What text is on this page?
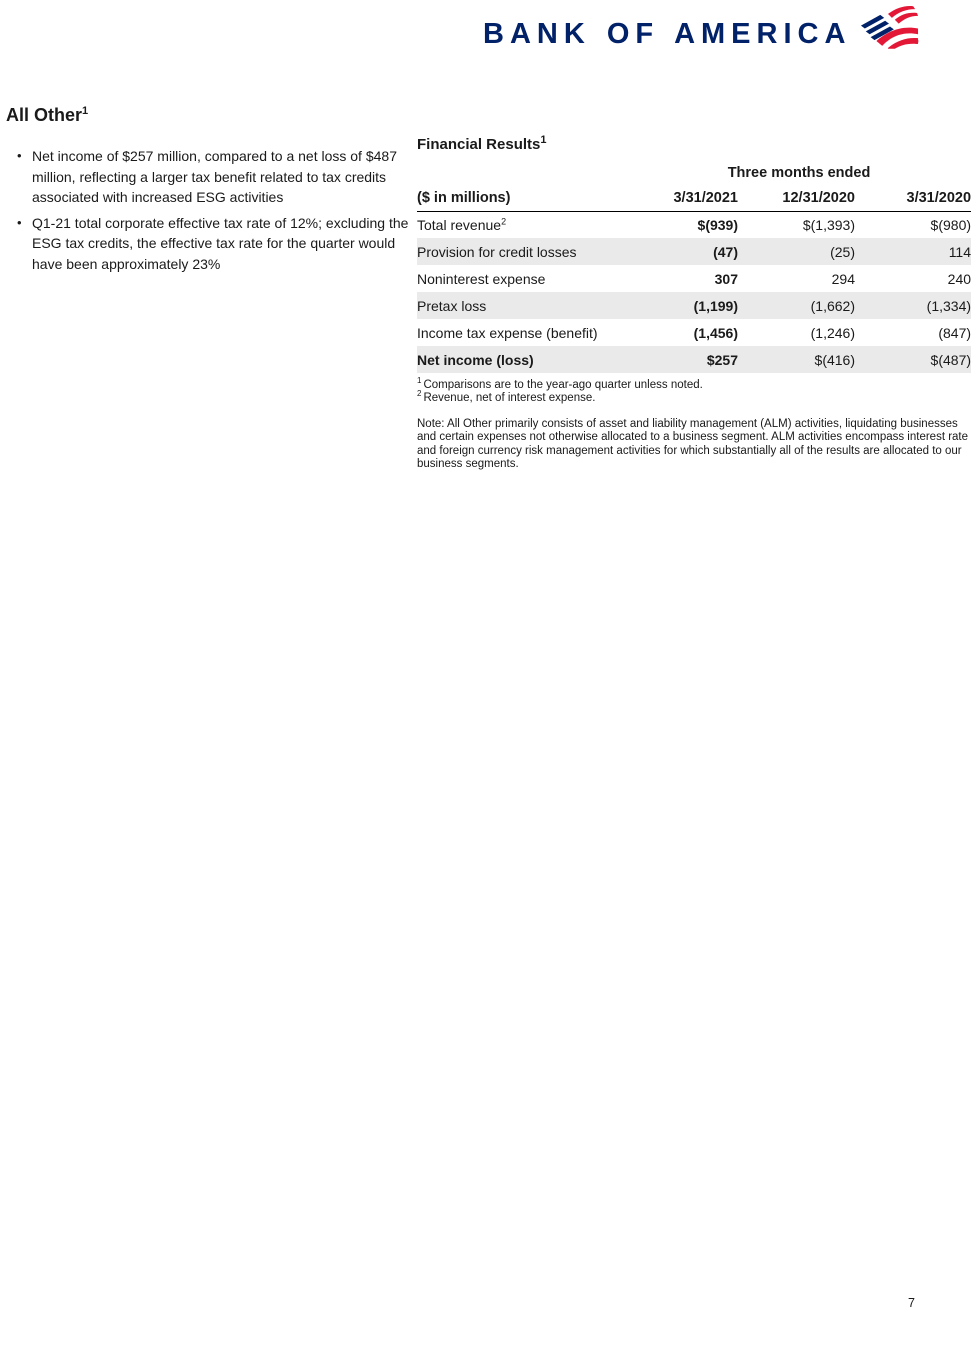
BANK OF AMERICA	®
All Other$^1$
• Net income of $257 million, compared to a net loss of $487 million, reflecting a larger tax benefit related to tax credits associated with increased ESG activities
• Q1-21 total corporate effective tax rate of 12%; excluding the ESG tax credits, the effective tax rate for the quarter would have been approximately 23%
Financial Results$^1$
	Three months ended		
($ in millions)	3/31/2021	12/31/2020	3/31/2020
Total revenue$^2$	$(939)	$(1,393)	$(980)
Provision for credit losses	(47)	(25)	114
Noninterest expense	307	294	240
Pretax loss	(1,199)	(1,662)	(1,334)
Income tax expense (benefit)	(1,456)	(1,246)	(847)
Net income (loss)	$257	$(416)	$(487)
$^1$ Comparisons are to the year-ago quarter unless noted.
$^2$ Revenue, net of interest expense.

Note: All Other primarily consists of asset and liability management (ALM) activities, liquidating businesses and certain expenses not otherwise allocated to a business segment. ALM activities encompass interest rate and foreign currency risk management activities for which substantially all of the results are allocated to our business segments.

7
